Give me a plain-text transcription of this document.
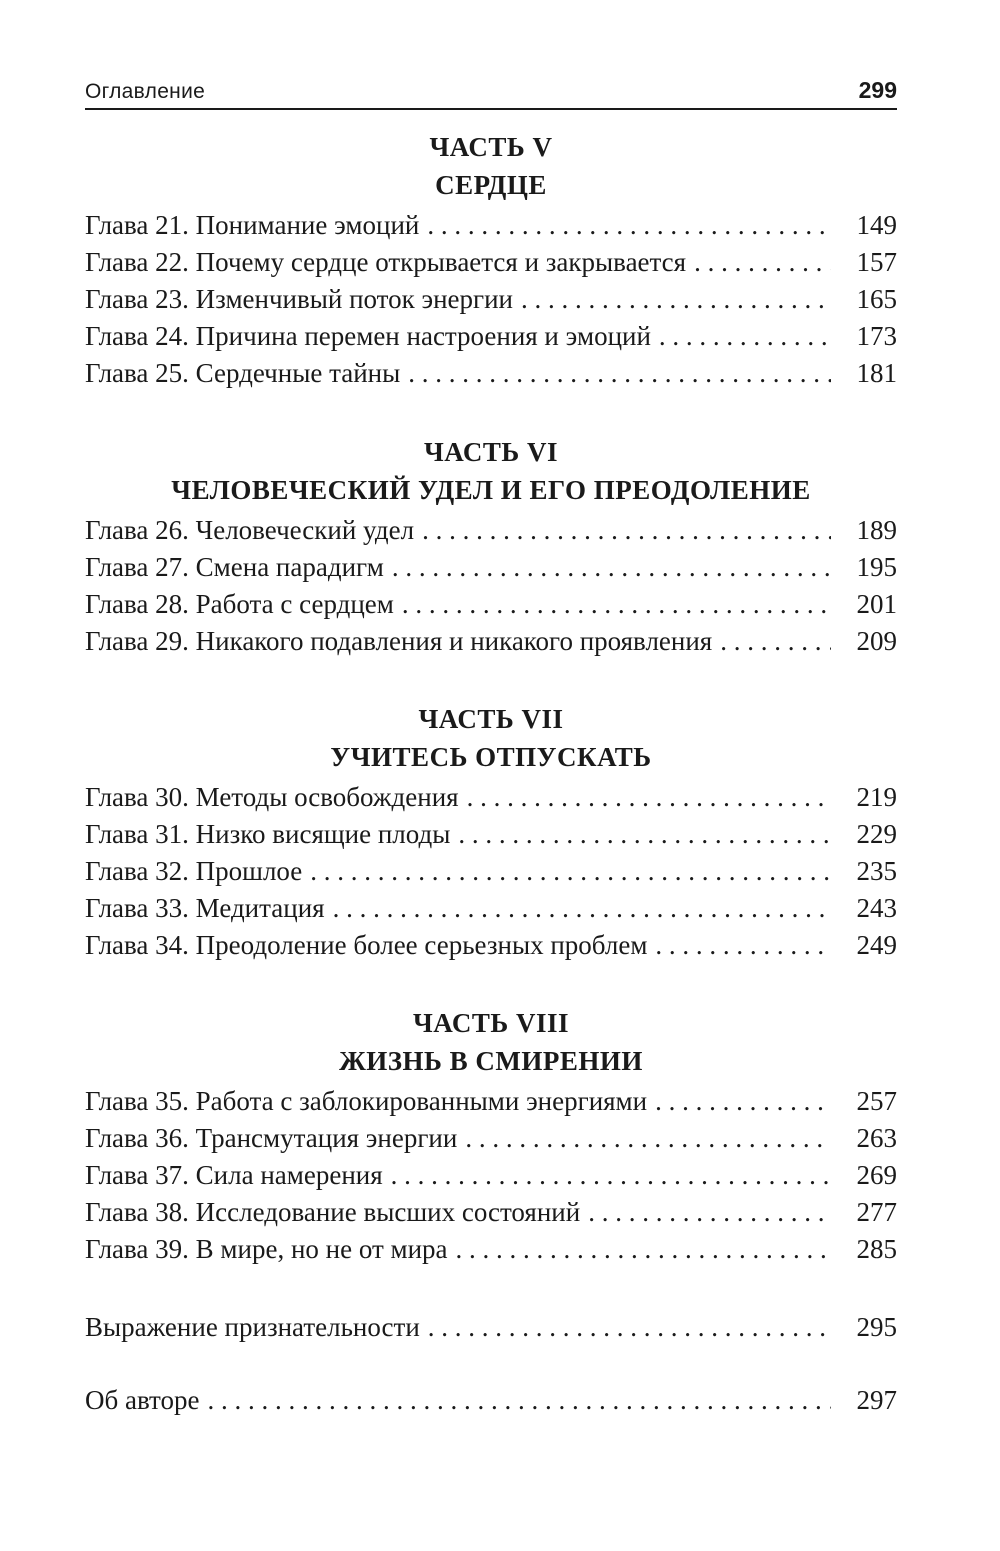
Оглавление	299
ЧАСТЬ V
СЕРДЦЕ
Глава 21. Понимание эмоций . . .	149
Глава 22. Почему сердце открывается и закрывается . . .	157
Глава 23. Изменчивый поток энергии . . .	165
Глава 24. Причина перемен настроения и эмоций . . .	173
Глава 25. Сердечные тайны . . .	181
ЧАСТЬ VI
ЧЕЛОВЕЧЕСКИЙ УДЕЛ И ЕГО ПРЕОДОЛЕНИЕ
Глава 26. Человеческий удел . . .	189
Глава 27. Смена парадигм . . .	195
Глава 28. Работа с сердцем . . .	201
Глава 29. Никакого подавления и никакого проявления . . .	209
ЧАСТЬ VII
УЧИТЕСЬ ОТПУСКАТЬ
Глава 30. Методы освобождения . . .	219
Глава 31. Низко висящие плоды . . .	229
Глава 32. Прошлое . . .	235
Глава 33. Медитация . . .	243
Глава 34. Преодоление более серьезных проблем . . .	249
ЧАСТЬ VIII
ЖИЗНЬ В СМИРЕНИИ
Глава 35. Работа с заблокированными энергиями . . .	257
Глава 36. Трансмутация энергии . . .	263
Глава 37. Сила намерения . . .	269
Глава 38. Исследование высших состояний . . .	277
Глава 39. В мире, но не от мира . . .	285
Выражение признательности . . .	295
Об авторе . . .	297
